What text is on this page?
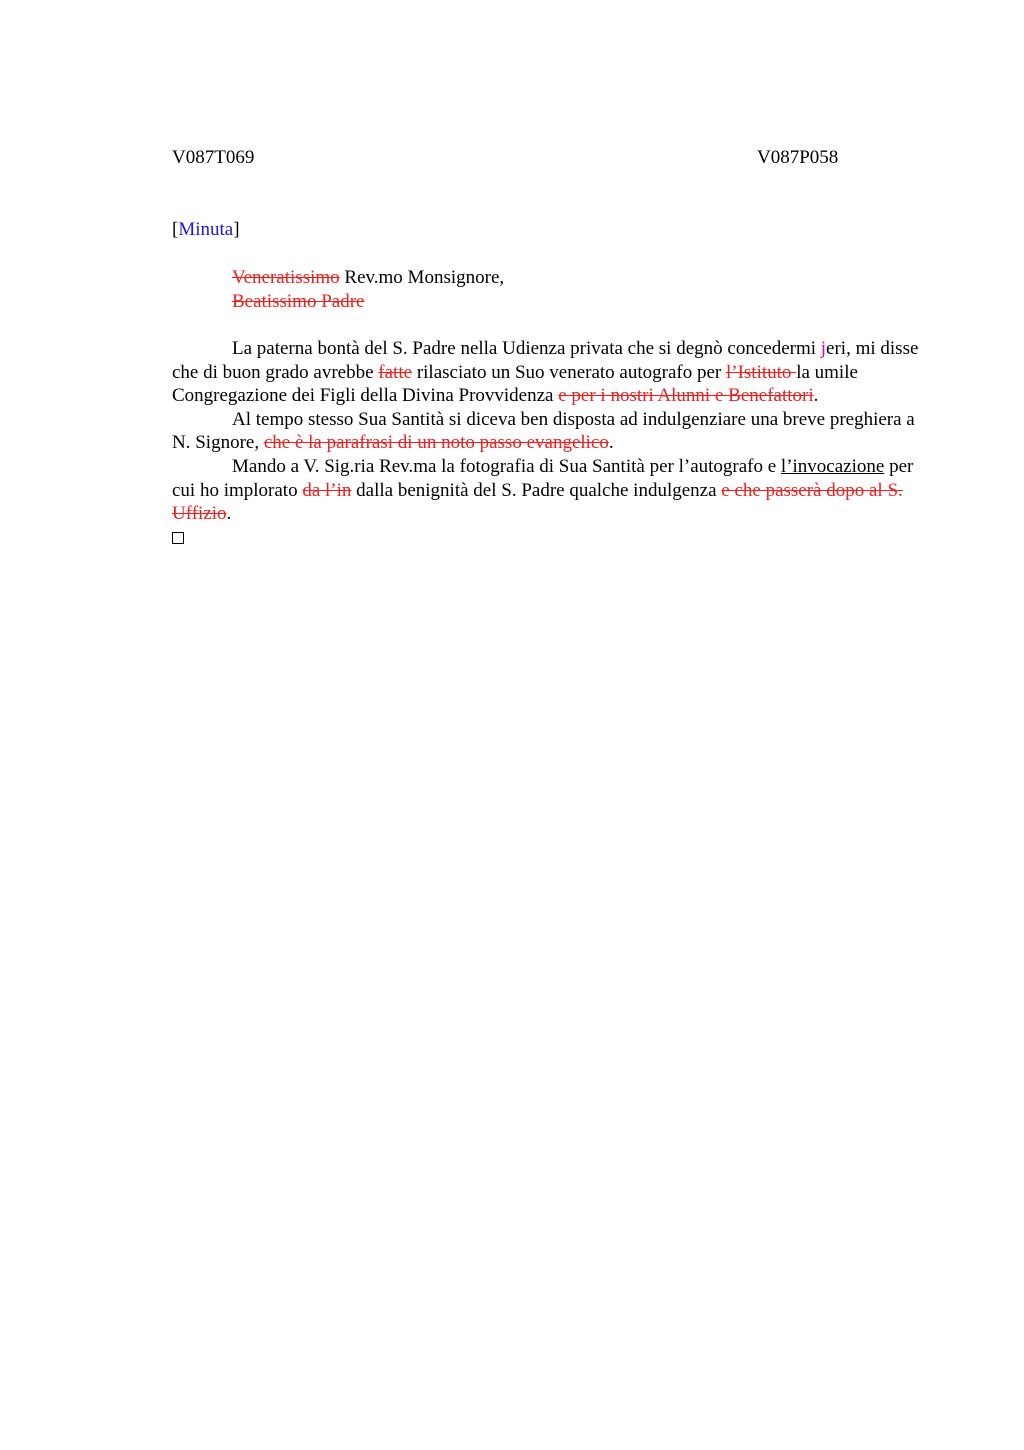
V087T069	V087P058
[Minuta]
Veneratissimo Rev.mo Monsignore,
Beatissimo Padre

La paterna bontà del S. Padre nella Udienza privata che si degnò concedermi jeri, mi disse che di buon grado avrebbe fatte rilasciato un Suo venerato autografo per l’Istituto la umile Congregazione dei Figli della Divina Provvidenza e per i nostri Alunni e Benefattori.

Al tempo stesso Sua Santità si diceva ben disposta ad indulgenziare una breve preghiera a N. Signore, che è la parafrasi di un noto passo evangelico.

Mando a V. Sig.ria Rev.ma la fotografia di Sua Santità per l’autografo e l’invocazione per cui ho implorato da l’in dalla benignità del S. Padre qualche indulgenza e che passerà dopo al S. Uffizio.
